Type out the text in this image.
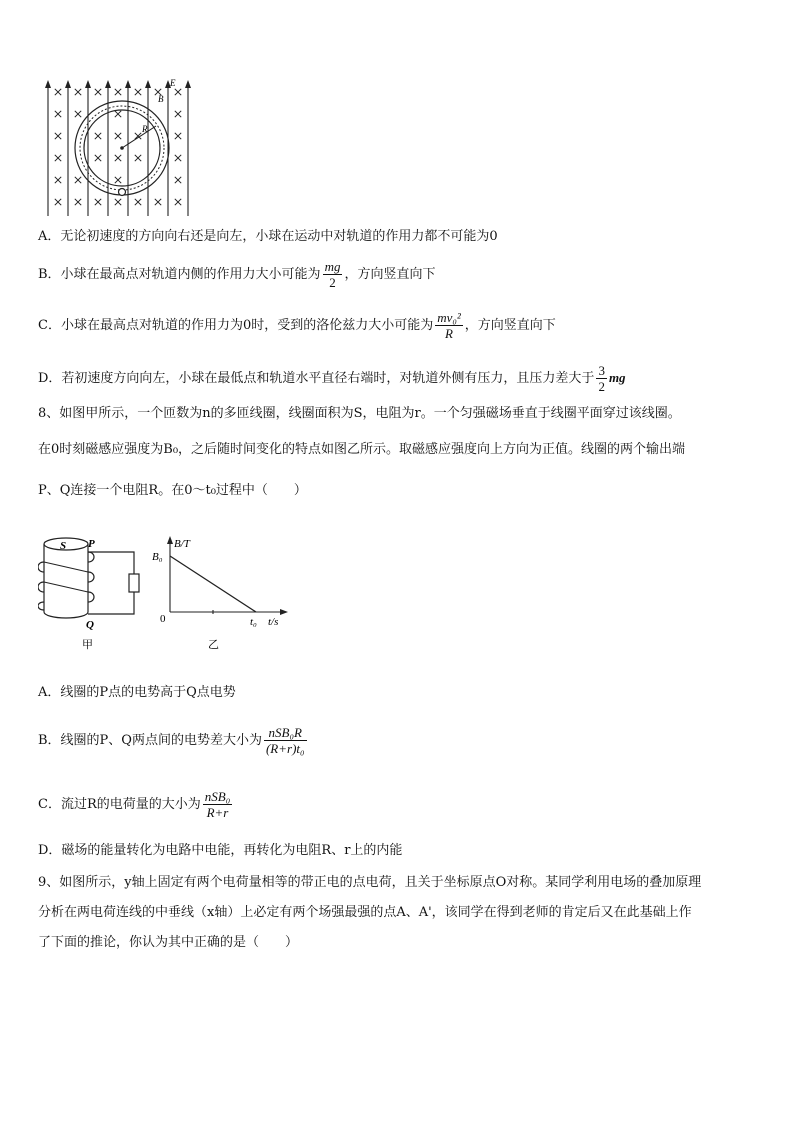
E
B
R
A．无论初速度的方向向右还是向左，小球在运动中对轨道的作用力都不可能为0
B．小球在最高点对轨道内侧的作用力大小可能为 $\frac{mg}{2}$ ，方向竖直向下
C．小球在最高点对轨道的作用力为0时，受到的洛伦兹力大小可能为 $\frac{\text{mv₀²}}{R}$ ，方向竖直向下
D．若初速度方向向左，小球在最低点和轨道水平直径右端时，对轨道外侧有压力，且压力差大于 $\frac{3}{2}$ mg
8、如图甲所示，一个匝数为n的多匝线圈，线圈面积为S，电阻为r。一个匀强磁场垂直于线圈平面穿过该线圈。
在0时刻磁感应强度为B₀，之后随时间变化的特点如图乙所示。取磁感应强度向上方向为正值。线圈的两个输出端
P、Q连接一个电阻R。在0～t₀过程中（　　）
S P
Q
甲
B/T
B₀
0	t₀ t/s
乙
A．线圈的P点的电势高于Q点电势
B．线圈的P、Q两点间的电势差大小为 $\frac{\text{nSB₀R}}{\text{(R+r)t₀}}$
C．流过R的电荷量的大小为 $\frac{\text{nSB₀}}{R+r}$
D．磁场的能量转化为电路中电能，再转化为电阻R、r上的内能
9、如图所示，y轴上固定有两个电荷量相等的带正电的点电荷，且关于坐标原点O对称。某同学利用电场的叠加原理
分析在两电荷连线的中垂线（x轴）上必定有两个场强最强的点A、A'，该同学在得到老师的肯定后又在此基础上作
了下面的推论，你认为其中正确的是（　　）
